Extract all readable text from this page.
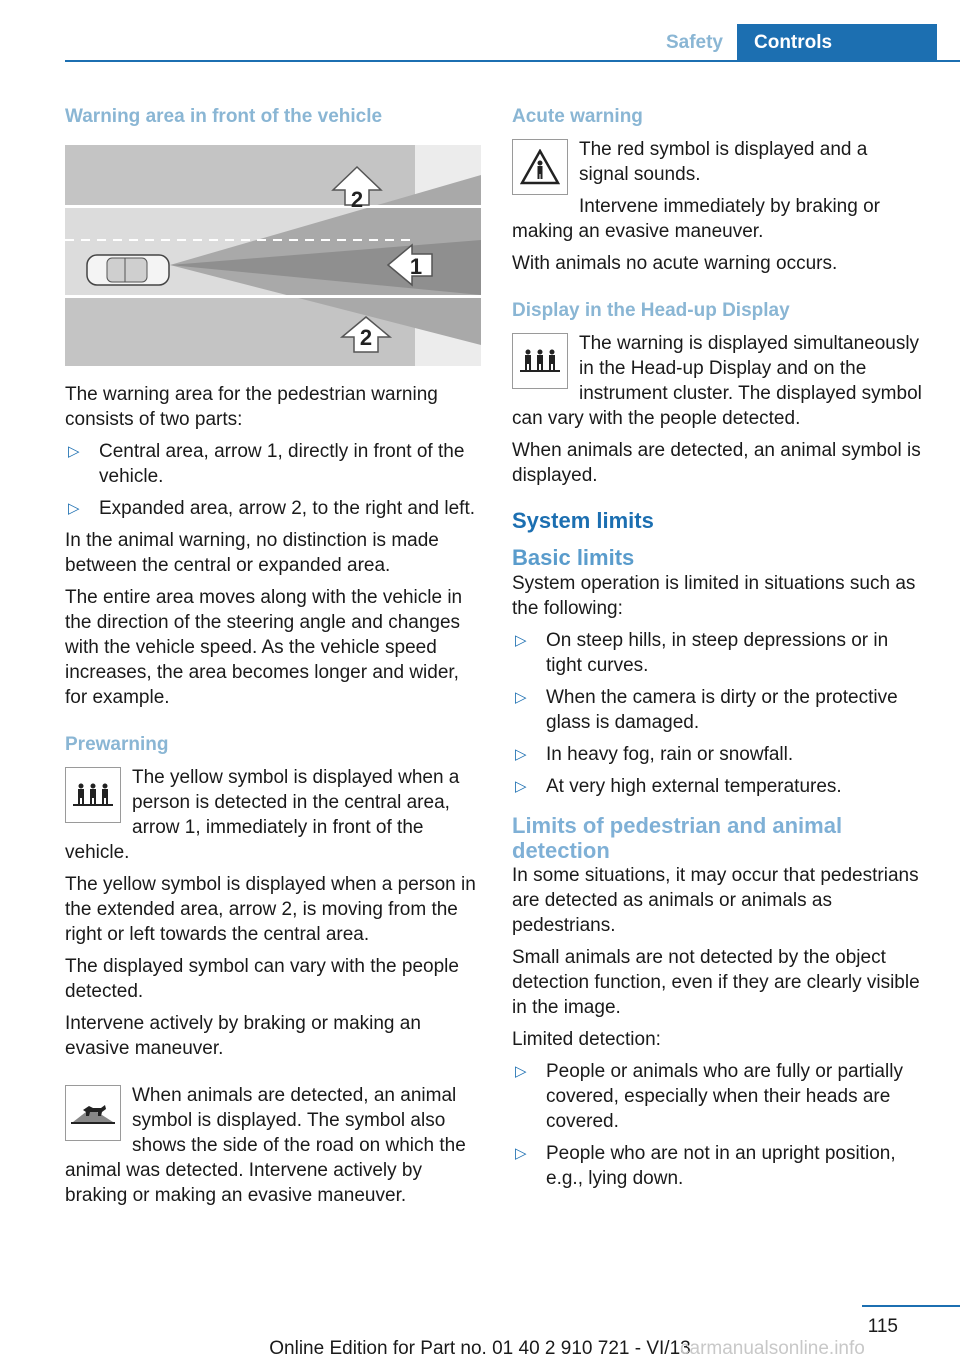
Safety	Controls
Warning area in front of the vehicle
2
1
2

The warning area for the pedestrian warning consists of two parts:

▷ Central area, arrow 1, directly in front of the vehicle.
▷ Expanded area, arrow 2, to the right and left.

In the animal warning, no distinction is made between the central or expanded area.

The entire area moves along with the vehicle in the direction of the steering angle and changes with the vehicle speed. As the vehicle speed increases, the area becomes longer and wider, for example.

Prewarning

The yellow symbol is displayed when a person is detected in the central area, arrow 1, immediately in front of the vehicle.

The yellow symbol is displayed when a person in the extended area, arrow 2, is moving from the right or left towards the central area.

The displayed symbol can vary with the people detected.

Intervene actively by braking or making an evasive maneuver.

When animals are detected, an animal symbol is displayed. The symbol also shows the side of the road on which the animal was detected. Intervene actively by braking or making an evasive maneuver.

Acute warning

The red symbol is displayed and a signal sounds.

Intervene immediately by braking or making an evasive maneuver.

With animals no acute warning occurs.

Display in the Head-up Display

The warning is displayed simultaneously in the Head-up Display and on the instrument cluster. The displayed symbol can vary with the people detected.

When animals are detected, an animal symbol is displayed.

System limits
Basic limits

System operation is limited in situations such as the following:

▷ On steep hills, in steep depressions or in tight curves.
▷ When the camera is dirty or the protective glass is damaged.
▷ In heavy fog, rain or snowfall.
▷ At very high external temperatures.
Limits of pedestrian and animal detection

In some situations, it may occur that pedestrians are detected as animals or animals as pedestrians.

Small animals are not detected by the object detection function, even if they are clearly visible in the image.

Limited detection:

▷ People or animals who are fully or partially covered, especially when their heads are covered.
▷ People who are not in an upright position, e.g., lying down.
115
Online Edition for Part no. 01 40 2 910 721 - VI/13
carmanualsonline.info
